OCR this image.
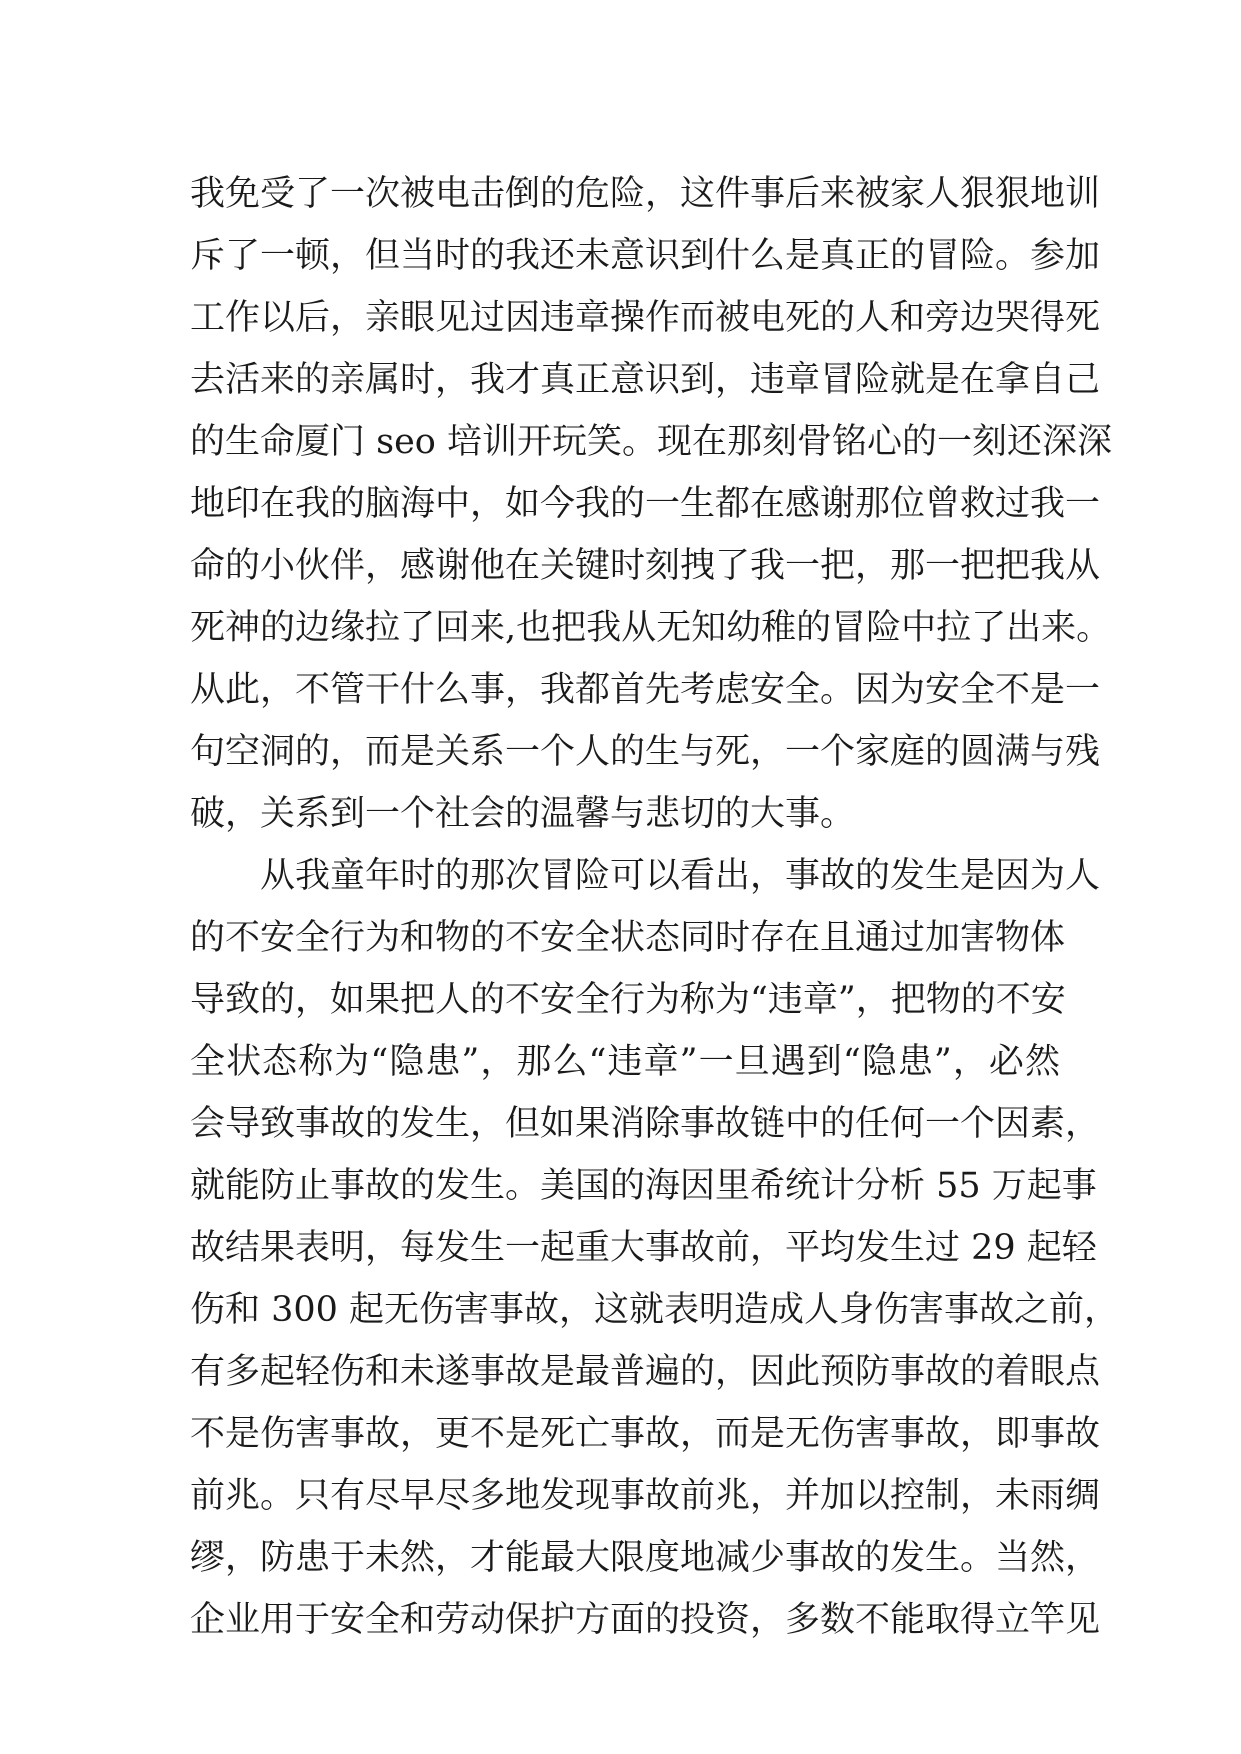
我免受了一次被电击倒的危险，这件事后来被家人狠狠地训
斥了一顿，但当时的我还未意识到什么是真正的冒险。参加
工作以后，亲眼见过因违章操作而被电死的人和旁边哭得死
去活来的亲属时，我才真正意识到，违章冒险就是在拿自己
的生命厦门 seo 培训开玩笑。现在那刻骨铭心的一刻还深深
地印在我的脑海中，如今我的一生都在感谢那位曾救过我一
命的小伙伴，感谢他在关键时刻拽了我一把，那一把把我从
死神的边缘拉了回来,也把我从无知幼稚的冒险中拉了出来。
从此，不管干什么事，我都首先考虑安全。因为安全不是一
句空洞的，而是关系一个人的生与死，一个家庭的圆满与残
破，关系到一个社会的温馨与悲切的大事。
从我童年时的那次冒险可以看出，事故的发生是因为人
的不安全行为和物的不安全状态同时存在且通过加害物体
导致的，如果把人的不安全行为称为“违章”，把物的不安
全状态称为“隐患”，那么“违章”一旦遇到“隐患”，必然
会导致事故的发生，但如果消除事故链中的任何一个因素，
就能防止事故的发生。美国的海因里希统计分析 55 万起事
故结果表明，每发生一起重大事故前，平均发生过 29 起轻
伤和 300 起无伤害事故，这就表明造成人身伤害事故之前，
有多起轻伤和未遂事故是最普遍的，因此预防事故的着眼点
不是伤害事故，更不是死亡事故，而是无伤害事故，即事故
前兆。只有尽早尽多地发现事故前兆，并加以控制，未雨绸
缪，防患于未然，才能最大限度地减少事故的发生。当然，
企业用于安全和劳动保护方面的投资，多数不能取得立竿见
